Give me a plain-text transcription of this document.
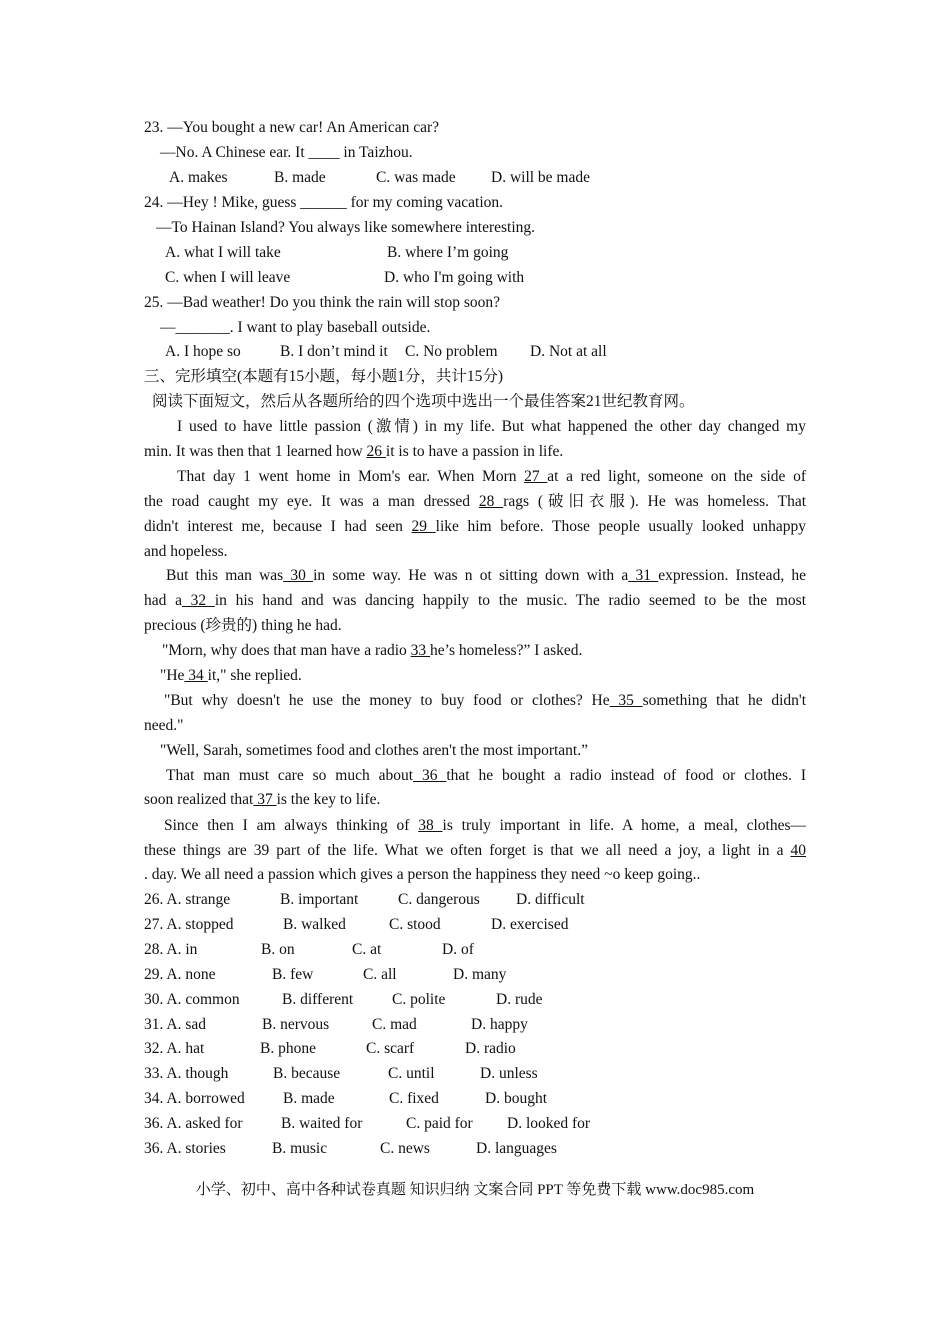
23. —You bought a new car! An American car?
—No. A Chinese ear. It ____ in Taizhou.
A. makes	B. made	C. was made D. will be made
24. —Hey ! Mike, guess ______ for my coming vacation.
—To Hainan Island? You always like somewhere interesting.
A. what I will take	B. where I’m going
C. when I will leave	D. who I'm going with
25. —Bad weather! Do you think the rain will stop soon?
—_______. I want to play baseball outside.
A. I hope so	B. I don’t mind it C. No problem D. Not at all
三、完形填空(本题有15小题，每小题1分，共计15分)
阅读下面短文，然后从各题所给的四个选项中选出一个最佳答案21世纪教育网。
I used to have little passion (激情) in my life. But what happened the other day changed my
min. It was then that 1 learned how 26 it is to have a passion in life.
That day 1 went home in Mom's ear. When Morn 27 at a red light, someone on the side of
the road caught my eye. It was a man dressed 28 rags (破旧衣服). He was homeless. That
didn't interest me, because I had seen 29 like him before. Those people usually looked unhappy
and hopeless.
But this man was 30 in some way. He was n ot sitting down with a 31 expression. Instead, he
had a 32 in his hand and was dancing happily to the music. The radio seemed to be the most
precious (珍贵的) thing he had.
"Morn, why does that man have a radio 33 he’s homeless?” I asked.
"He 34 it," she replied.
"But why doesn't he use the money to buy food or clothes? He 35 something that he didn't
need."
"Well, Sarah, sometimes food and clothes aren't the most important.”
That man must care so much about 36 that he bought a radio instead of food or clothes. I
soon realized that 37 is the key to life.
Since then I am always thinking of 38 is truly important in life. A home, a meal, clothes—
these things are 39 part of the life. What we often forget is that we all need a joy, a light in a 40
. day. We all need a passion which gives a person the happiness they need ~o keep going..
26. A. strange	B. important	C. dangerous D. difficult
27. A. stopped	B. walked	C. stood	D. exercised
28. A. in	B. on	C. at	D. of
29. A. none	B. few	C. all	D. many
30. A. common	B. different	C. polite	D. rude
31. A. sad	B. nervous	C. mad	D. happy
32. A. hat	B. phone	C. scarf	D. radio
33. A. though	B. because	C. until	D. unless
34. A. borrowed B. made	C. fixed	D. bought
36. A. asked for B. waited for	C. paid for D. looked for
36. A. stories	B. music	C. news	D. languages
小学、初中、高中各种试卷真题 知识归纳 文案合同 PPT 等免费下载 www.doc985.com
